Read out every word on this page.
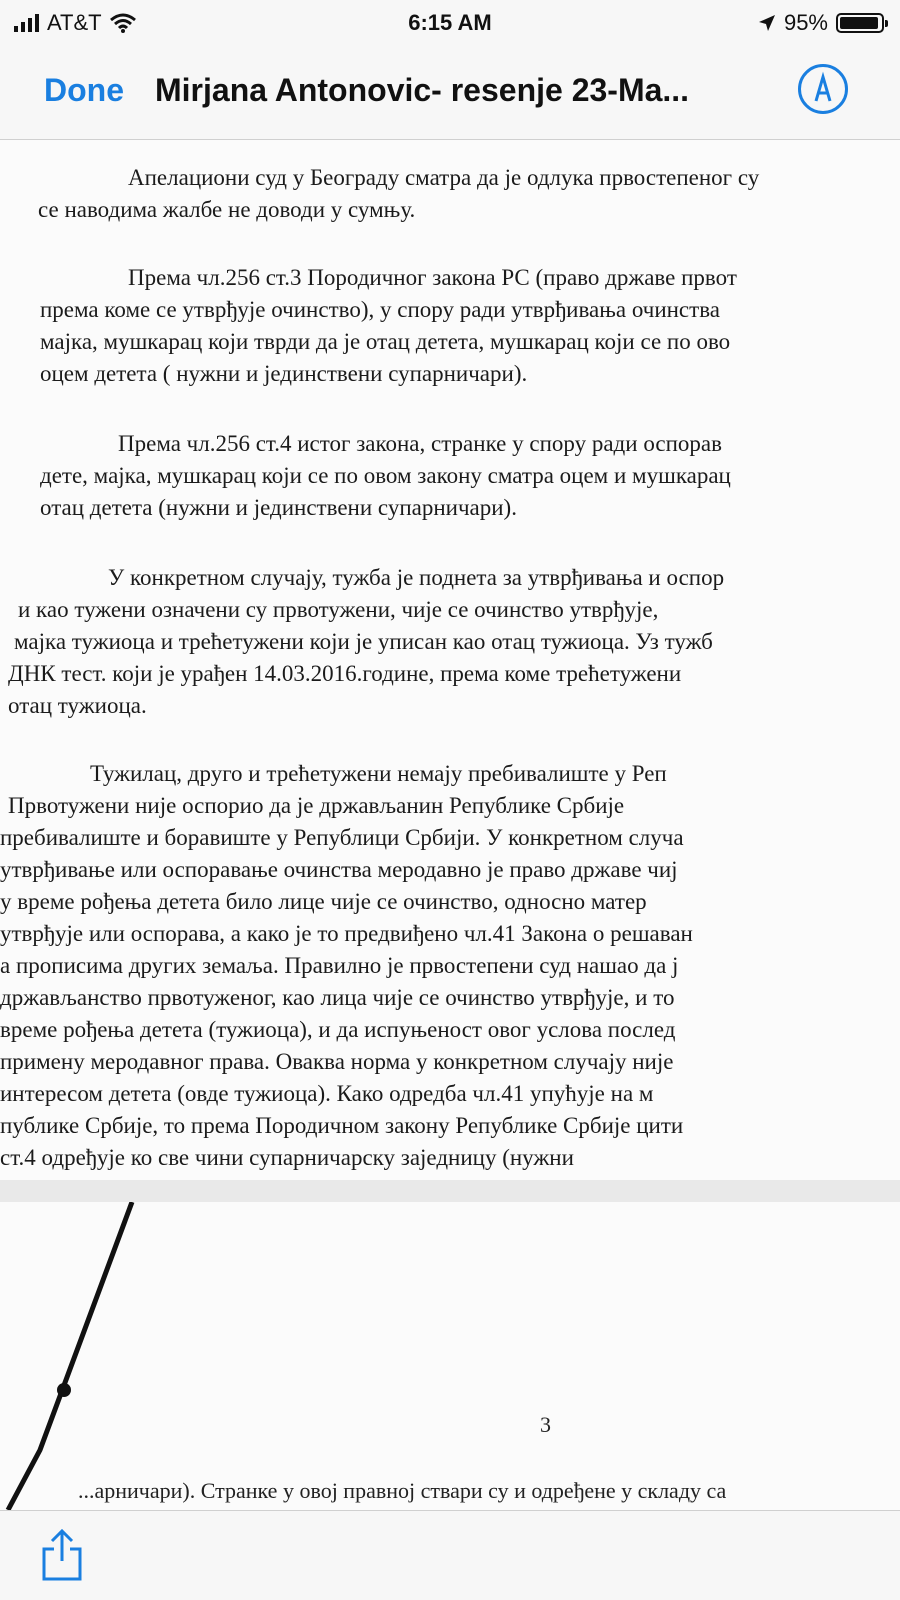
AT&T	6:15 AM	95%
Done Mirjana Antonovic- resenje 23-Ma...
Апелациони суд у Београду сматра да је одлука првостепеног су
се наводима жалбе не доводи у сумњу.
Према чл.256 ст.3 Породичног закона РС (право државе првот
према коме се утврђује очинство), у спору ради утврђивања очинства
мајка, мушкарац који тврди да је отац детета, мушкарац који се по ово
оцем детета ( нужни и јединствени супарничари).
Према чл.256 ст.4 истог закона, странке у спору ради оспорав
дете, мајка, мушкарац који се по овом закону сматра оцем и мушкарац
отац детета (нужни и јединствени супарничари).
У конкретном случају, тужба је поднета за утврђивања и оспор
и као тужени означени су првотужени, чије се очинство утврђује,
мајка тужиоца и трећетужени који је уписан као отац тужиоца. Уз тужб
ДНК тест. који је урађен 14.03.2016.године, према коме трећетужени
отац тужиоца.
Тужилац, друго и трећетужени немају пребивалиште у Реп
Првотужени није оспорио да је држављанин Републике Србије
пребивалиште и боравиште у Републици Србији. У конкретном случа
утврђивање или оспоравање очинства меродавно је право државе чиј
у време рођења детета било лице чије се очинство, односно матер
утврђује или оспорава, а како је то предвиђено чл.41 Закона о решаван
а прописима других земаља. Правилно је првостепени суд нашао да ј
држављанство првотуженог, као лица чије се очинство утврђује, и то
време рођења детета (тужиоца), и да испуњеност овог услова послед
примену меродавног права. Оваква норма у конкретном случају није
интересом детета (овде тужиоца). Како одредба чл.41 упућује на м
публике Србије, то према Породичном закону Републике Србије цити
ст.4 одређује ко све чини супарничарску заједницу (нужни
3
...арничари). Странке у овој правној ствари су и одређене у складу са
